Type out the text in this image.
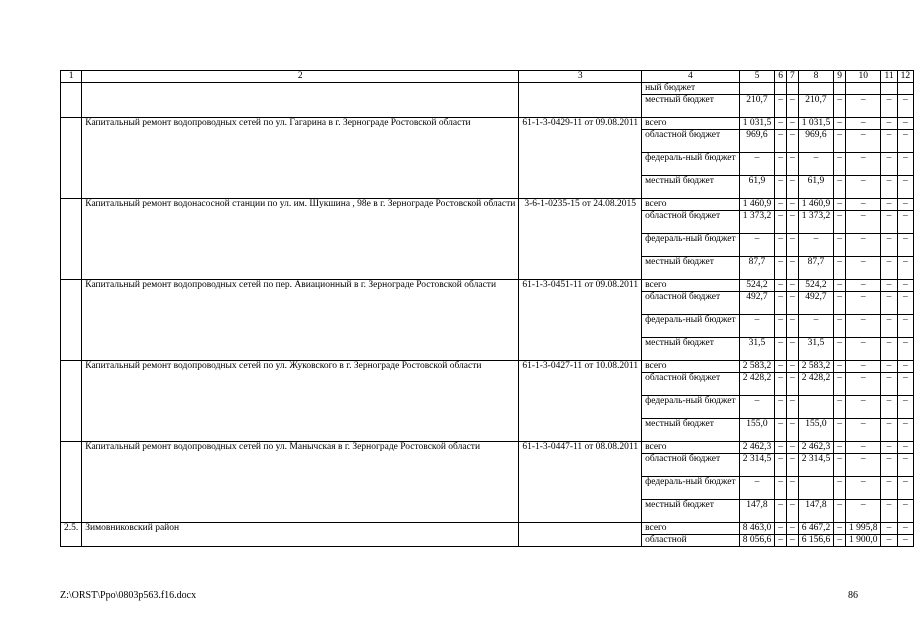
1	2	3	4	5	6	7	8	9	10	11	12
			ный бюджет								
			местный бюджет	210,7	–	–	210,7	–	–	–	–
	Капитальный ремонт водопроводных сетей по ул. Гагарина в г. Зернограде Ростовской области	61-1-3-0429-11 от 09.08.2011	всего	1 031,5	–	–	1 031,5	–	–	–	–
			областной бюджет	969,6	–	–	969,6	–	–	–	–
			федераль-ный бюджет	–	–	–	–	–	–	–	–
			местный бюджет	61,9	–	–	61,9	–	–	–	–
	Капитальный ремонт водонасосной станции по ул. им. Шукшина , 98е в г. Зернограде Ростовской области	3-6-1-0235-15 от 24.08.2015	всего	1 460,9	–	–	1 460,9	–	–	–	–
			областной бюджет	1 373,2	–	–	1 373,2	–	–	–	–
			федераль-ный бюджет	–	–	–	–	–	–	–	–
			местный бюджет	87,7	–	–	87,7	–	–	–	–
	Капитальный ремонт водопроводных сетей по пер. Авиационный в г. Зернограде Ростовской области	61-1-3-0451-11 от 09.08.2011	всего	524,2	–	–	524,2	–	–	–	–
			областной бюджет	492,7	–	–	492,7	–	–	–	–
			федераль-ный бюджет	–	–	–	–	–	–	–	–
			местный бюджет	31,5	–	–	31,5	–	–	–	–
	Капитальный ремонт водопроводных сетей по ул. Жуковского в г. Зернограде Ростовской области	61-1-3-0427-11 от 10.08.2011	всего	2 583,2	–	–	2 583,2	–	–	–	–
			областной бюджет	2 428,2	–	–	2 428,2	–	–	–	–
			федераль-ный бюджет	–	–	–		–	–	–	–
			местный бюджет	155,0	–	–	155,0	–	–	–	–
	Капитальный ремонт водопроводных сетей по ул. Манычская в г. Зернограде Ростовской области	61-1-3-0447-11 от 08.08.2011	всего	2 462,3	–	–	2 462,3	–	–	–	–
			областной бюджет	2 314,5	–	–	2 314,5	–	–	–	–
			федераль-ный бюджет	–	–	–		–	–	–	–
			местный бюджет	147,8	–	–	147,8	–	–	–	–
2.5.	Зимовниковский район		всего	8 463,0	–	–	6 467,2	–	1 995,8	–	–
			областной	8 056,6	–	–	6 156,6	–	1 900,0	–	–
Z:\ORST\Ppo\0803p563.f16.docx	86
